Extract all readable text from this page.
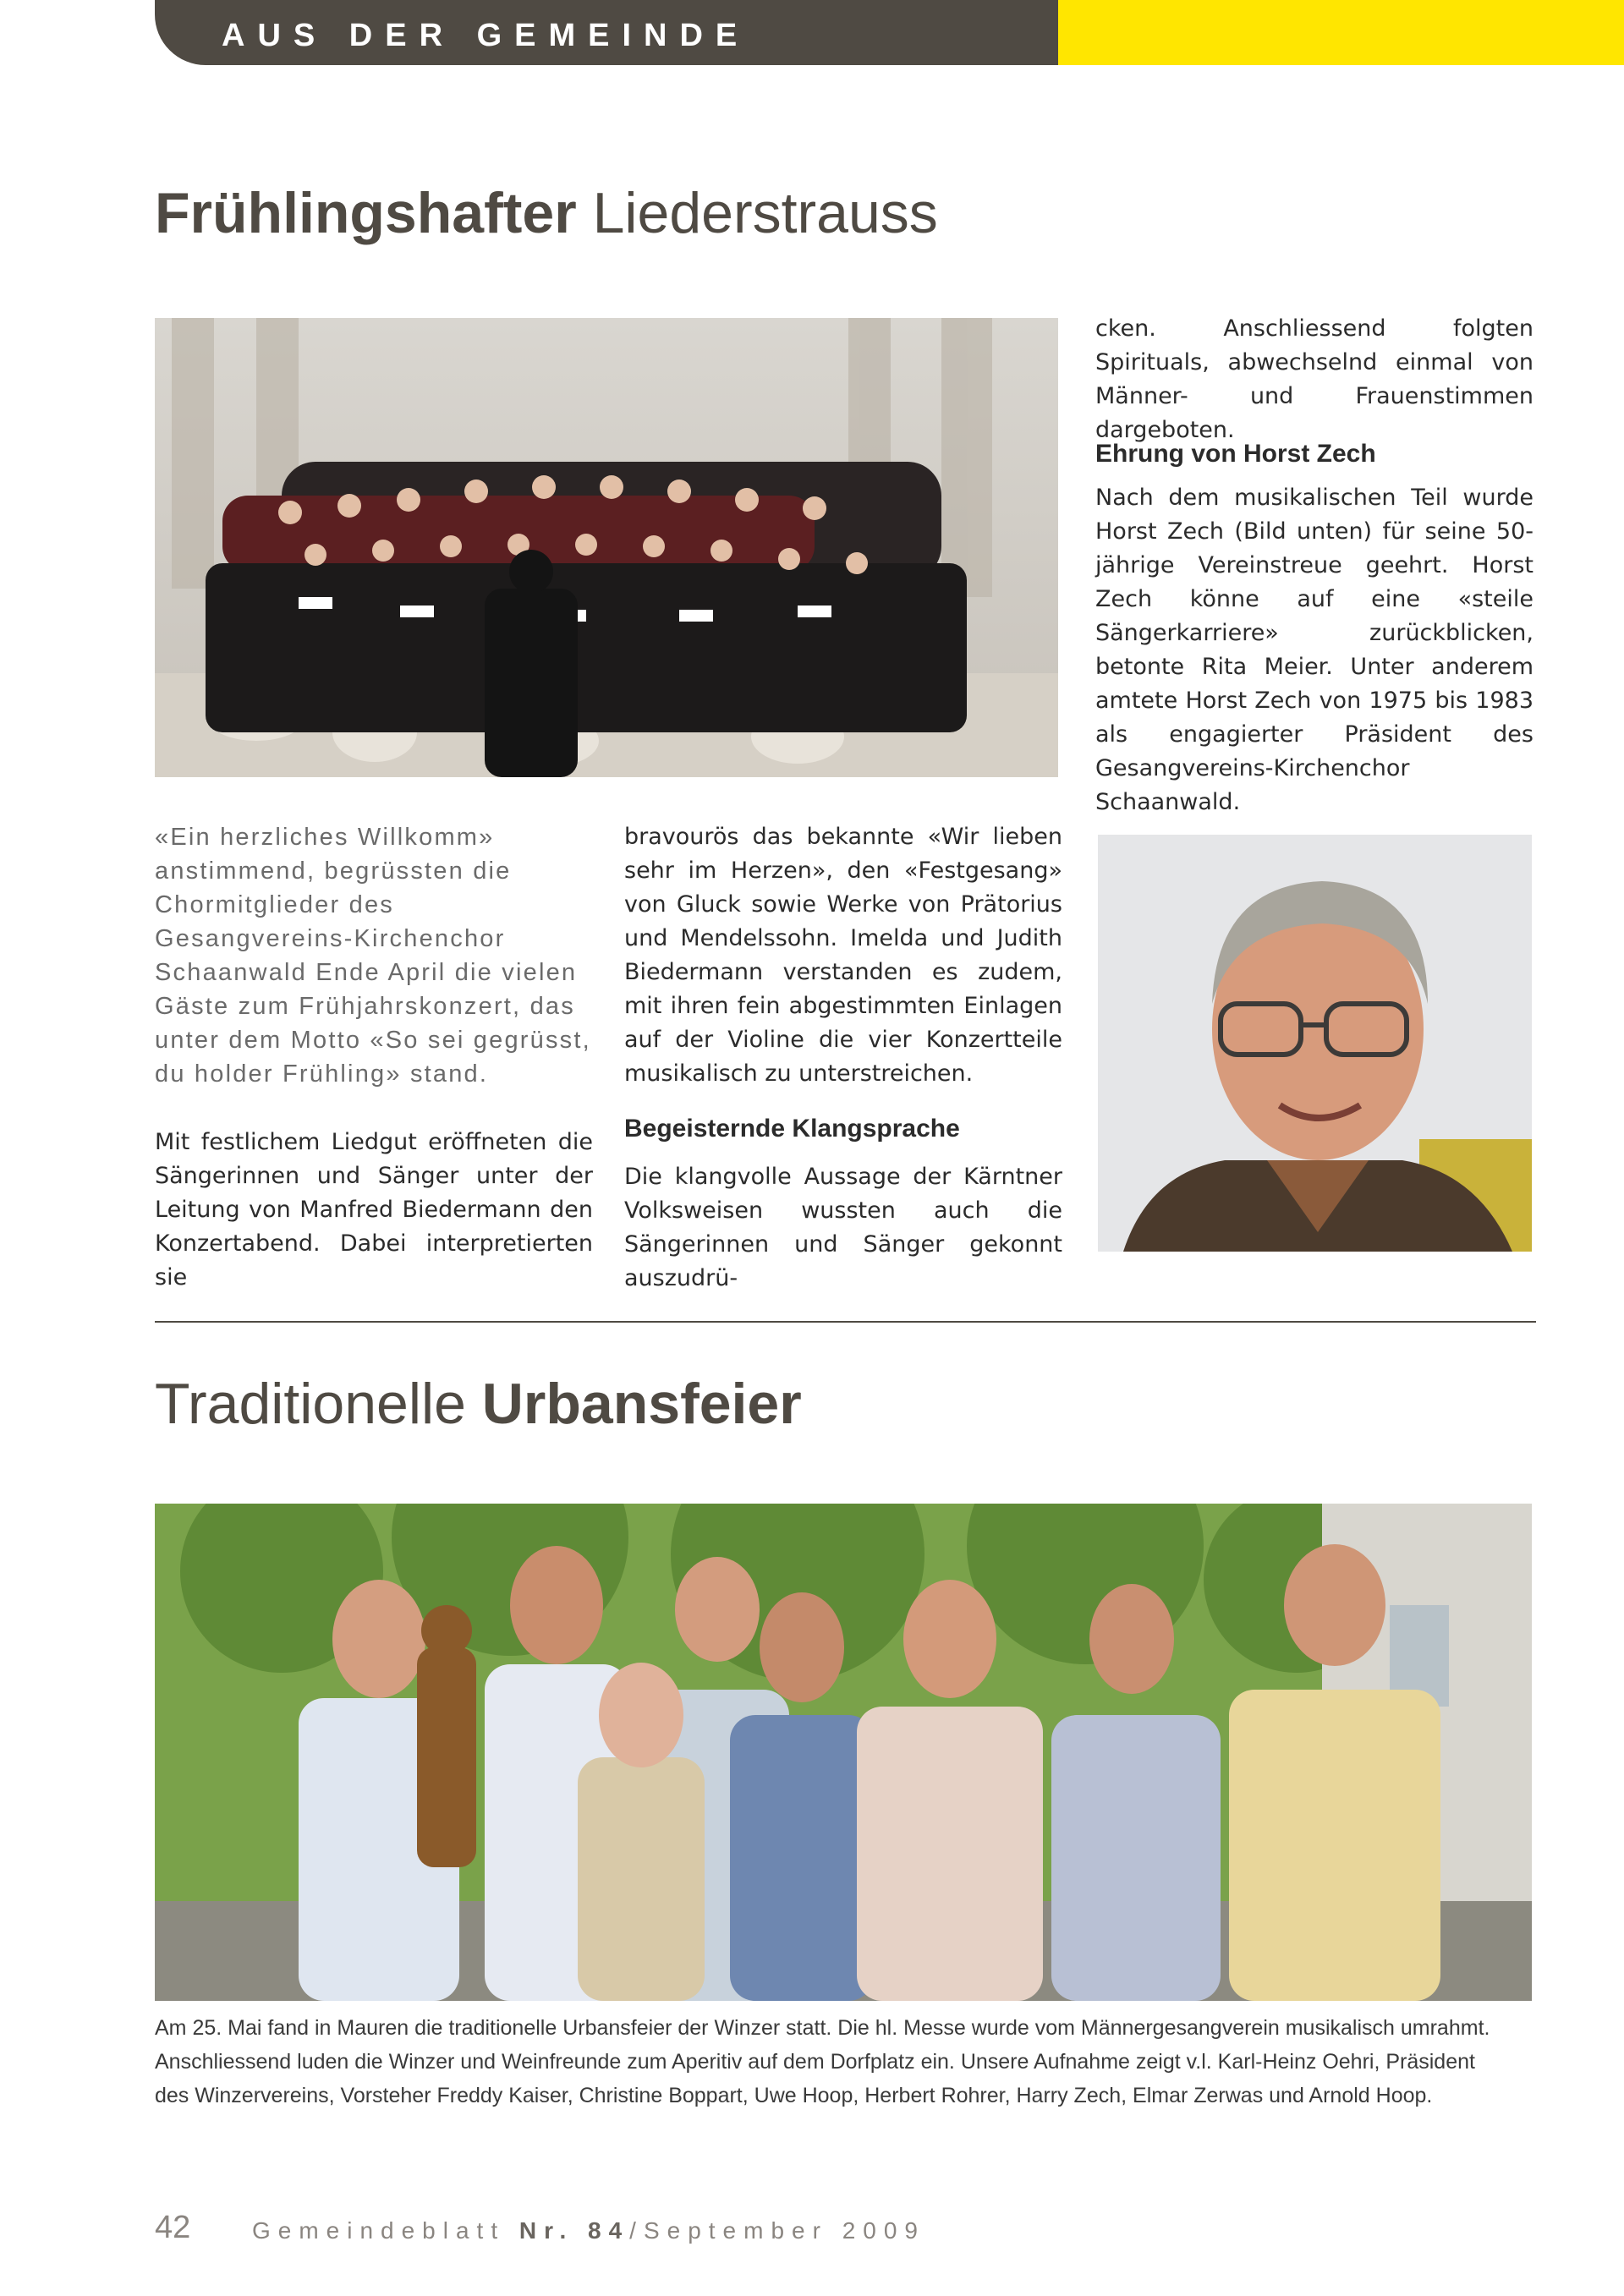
AUS DER GEMEINDE
Frühlingshafter Liederstrauss
«Ein herzliches Willkomm» anstimmend, begrüssten die Chormitglieder des Gesangvereins-Kirchenchor Schaanwald Ende April die vielen Gäste zum Frühjahrskonzert, das unter dem Motto «So sei gegrüsst, du holder Frühling» stand.
Mit festlichem Liedgut eröffneten die Sängerinnen und Sänger unter der Leitung von Manfred Biedermann den Konzertabend. Dabei interpretierten sie
bravourös das bekannte «Wir lieben sehr im Herzen», den «Festgesang» von Gluck sowie Werke von Prätorius und Mendelssohn. Imelda und Judith Biedermann verstanden es zudem, mit ihren fein abgestimmten Einlagen auf der Violine die vier Konzertteile musikalisch zu unterstreichen.
Begeisternde Klangsprache
Die klangvolle Aussage der Kärntner Volksweisen wussten auch die Sängerinnen und Sänger gekonnt auszudrü-
cken. Anschliessend folgten Spirituals, abwechselnd einmal von Männer- und Frauenstimmen dargeboten.
Ehrung von Horst Zech
Nach dem musikalischen Teil wurde Horst Zech (Bild unten) für seine 50-jährige Vereinstreue geehrt. Horst Zech könne auf eine «steile Sängerkarriere» zurückblicken, betonte Rita Meier. Unter anderem amtete Horst Zech von 1975 bis 1983 als engagierter Präsident des Gesangvereins-Kirchenchor Schaanwald.
Traditionelle Urbansfeier
Am 25. Mai fand in Mauren die traditionelle Urbansfeier der Winzer statt. Die hl. Messe wurde vom Männergesangverein musikalisch umrahmt. Anschliessend luden die Winzer und Weinfreunde zum Aperitiv auf dem Dorfplatz ein. Unsere Aufnahme zeigt v.l. Karl-Heinz Oehri, Präsident des Winzervereins, Vorsteher Freddy Kaiser, Christine Boppart, Uwe Hoop, Herbert Rohrer, Harry Zech, Elmar Zerwas und Arnold Hoop.
42	Gemeindeblatt Nr. 84/September 2009
